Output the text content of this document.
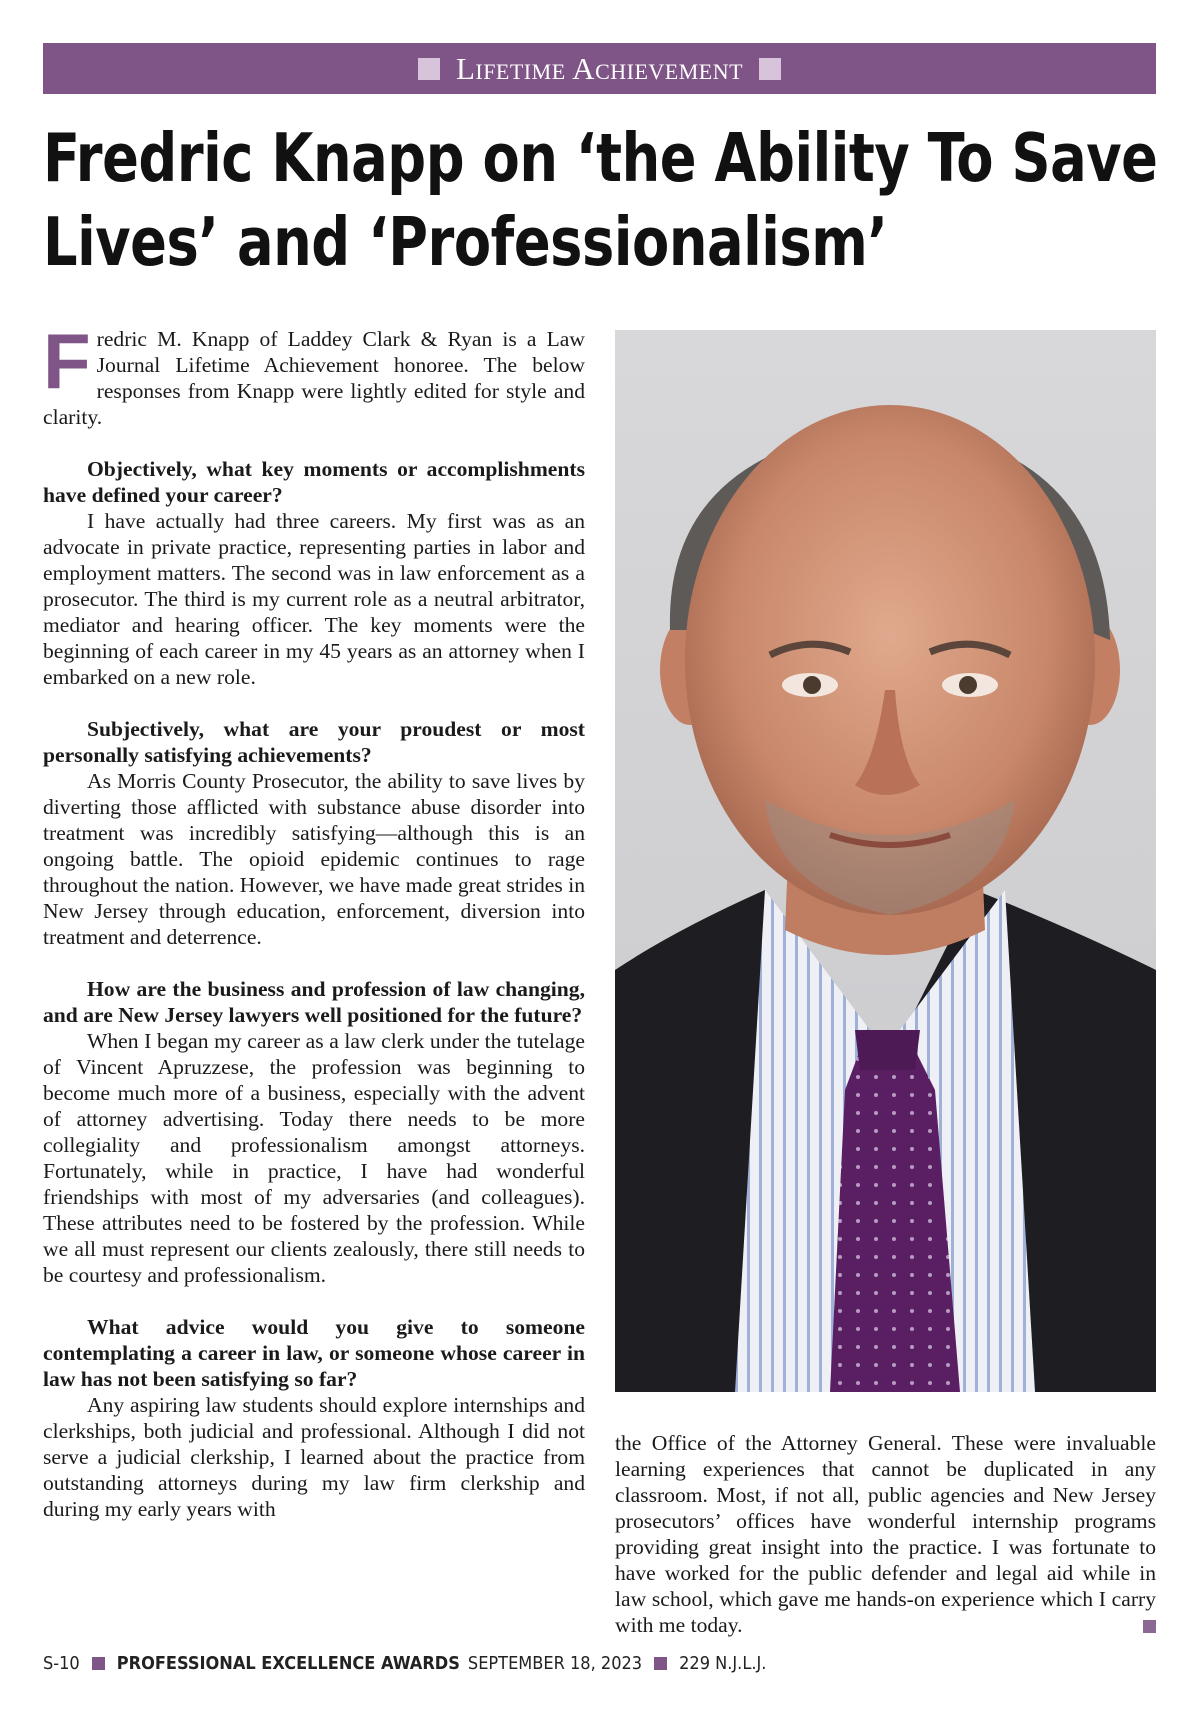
Lifetime Achievement
Fredric Knapp on ‘the Ability To Save
Lives’ and ‘Professionalism’

Fredric M. Knapp of Laddey Clark & Ryan is a Law Journal Lifetime Achievement honoree. The below responses from Knapp were lightly edited for style and clarity.

Objectively, what key moments or accomplishments have defined your career?

I have actually had three careers. My first was as an advocate in private practice, representing parties in labor and employment matters. The second was in law enforcement as a prosecutor. The third is my current role as a neutral arbitrator, mediator and hearing officer. The key moments were the beginning of each career in my 45 years as an attorney when I embarked on a new role.

Subjectively, what are your proudest or most personally satisfying achievements?

As Morris County Prosecutor, the ability to save lives by diverting those afflicted with substance abuse disorder into treatment was incredibly satisfying—although this is an ongoing battle. The opioid epidemic continues to rage throughout the nation. However, we have made great strides in New Jersey through education, enforcement, diversion into treatment and deterrence.

How are the business and profession of law changing, and are New Jersey lawyers well positioned for the future?

When I began my career as a law clerk under the tutelage of Vincent Apruzzese, the profession was beginning to become much more of a business, especially with the advent of attorney advertising. Today there needs to be more collegiality and professionalism amongst attorneys. Fortunately, while in practice, I have had wonderful friendships with most of my adversaries (and colleagues). These attributes need to be fostered by the profession. While we all must represent our clients zealously, there still needs to be courtesy and professionalism.

What advice would you give to someone contemplating a career in law, or someone whose career in law has not been satisfying so far?

Any aspiring law students should explore internships and clerkships, both judicial and professional. Although I did not serve a judicial clerkship, I learned about the practice from outstanding attorneys during my law firm clerkship and during my early years with

the Office of the Attorney General. These were invaluable learning experiences that cannot be duplicated in any classroom. Most, if not all, public agencies and New Jersey prosecutors’ offices have wonderful internship programs providing great insight into the practice. I was fortunate to have worked for the public defender and legal aid while in law school, which gave me hands-on experience which I carry with me today.

S-10 PROFESSIONAL EXCELLENCE AWARDS SEPTEMBER 18, 2023 229 N.J.L.J.
